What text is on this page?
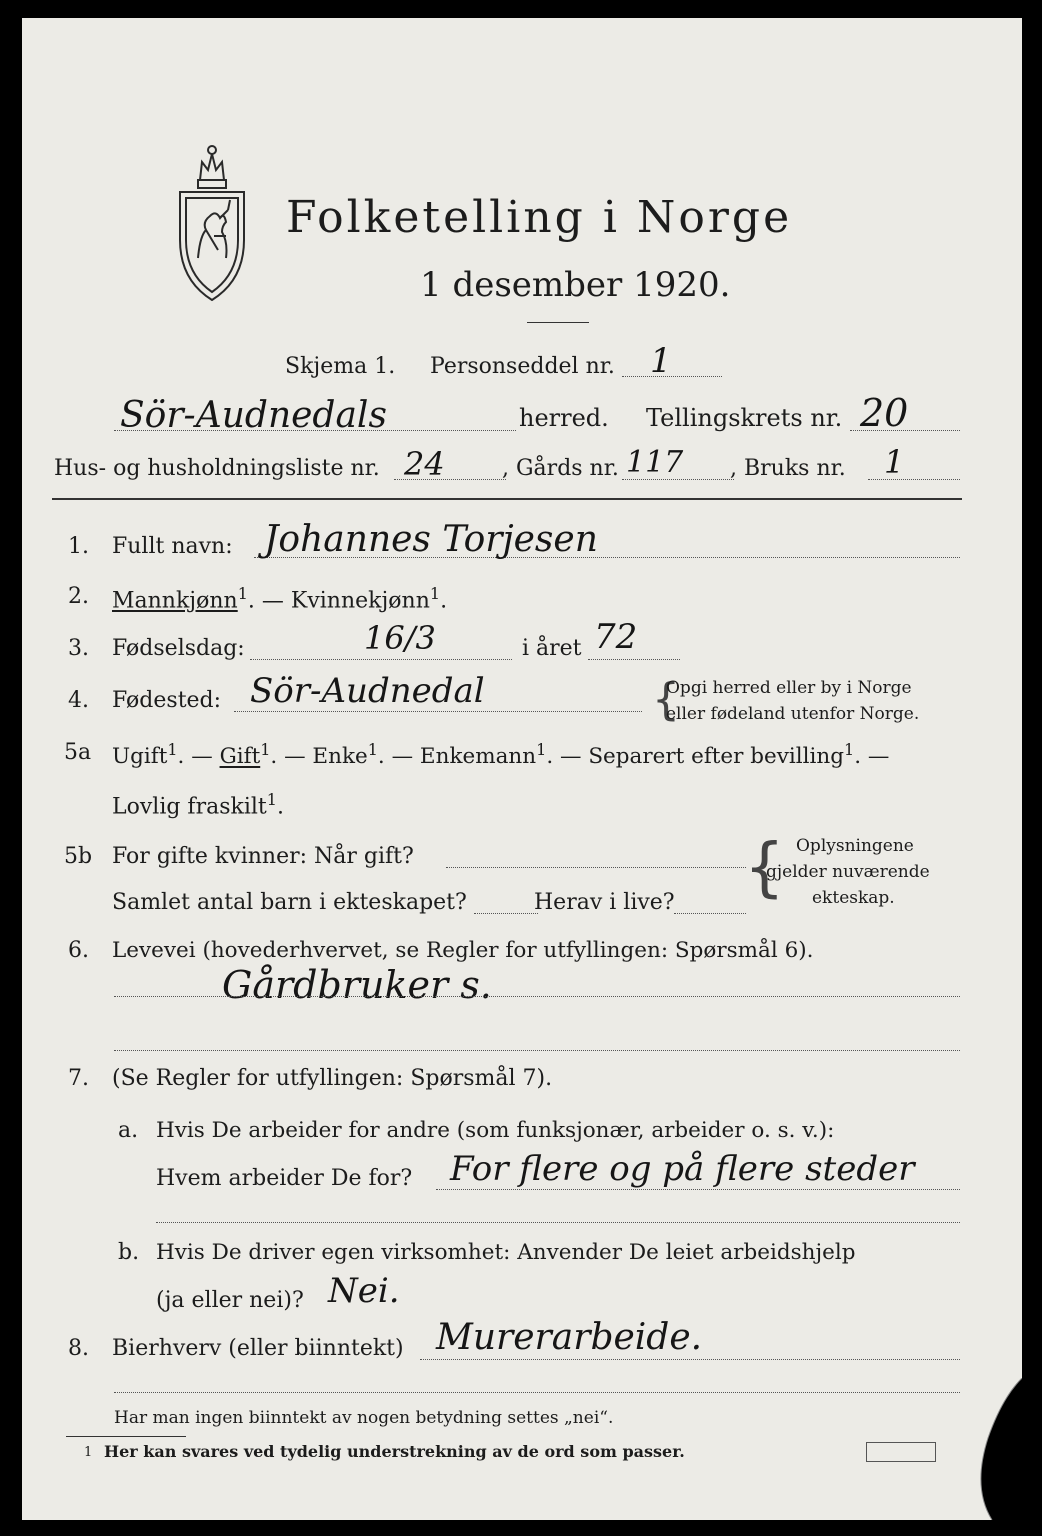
Folketelling i Norge
1 desember 1920.
Skjema 1. Personseddel nr. 1
Sör-Audnedals	herred. Tellingskrets nr. 20
Hus- og husholdningsliste nr. 24	, Gårds nr. 117 , Bruks nr. 1
1. Fullt navn: Johannes Torjesen
2. Mannkjønn$^1$. — Kvinnekjønn$^1$.
3. Fødselsdag:	16/3	i året 72
4. Fødested: Sör-Audnedal	{
Opgi herred eller by i Norge
eller fødeland utenfor Norge.
5a Ugift$^1$. — Gift$^1$. — Enke$^1$. — Enkemann$^1$. — Separert efter bevilling$^1$. —
Lovlig fraskilt$^1$.
5b For gifte kvinner: Når gift?
Samlet antal barn i ekteskapet?	Herav i live? { Oplysningene
gjelder nuværende
ekteskap.
6. Levevei (hovederhvervet, se Regler for utfyllingen: Spørsmål 6).
Gårdbruker s.
7. (Se Regler for utfyllingen: Spørsmål 7).
a. Hvis De arbeider for andre (som funksjonær, arbeider o. s. v.):
Hvem arbeider De for? For flere og på flere steder
b. Hvis De driver egen virksomhet: Anvender De leiet arbeidshjelp
(ja eller nei)? Nei.
8. Bierhverv (eller biinntekt) Murerarbeide.
Har man ingen biinntekt av nogen betydning settes „nei“.
1 Her kan svares ved tydelig understrekning av de ord som passer.
